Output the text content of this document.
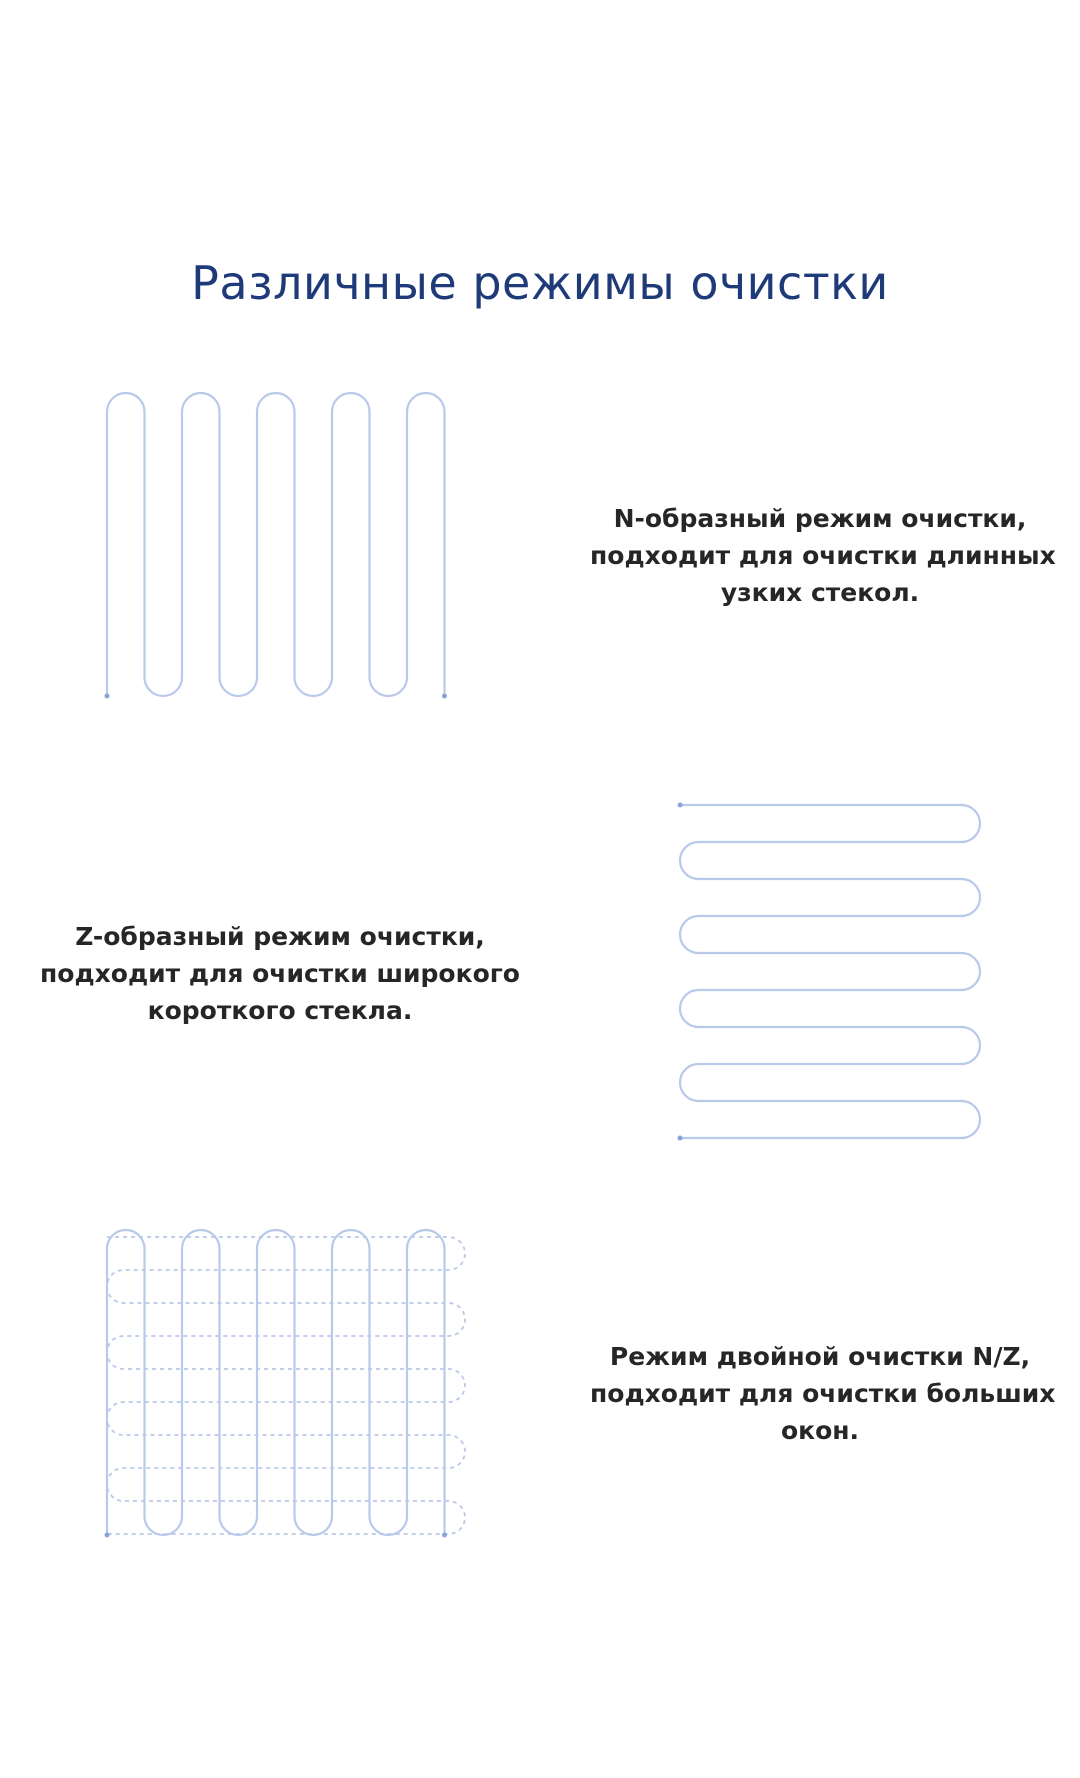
Различные режимы очистки

N-образный режим очистки,
подходит для очистки длинных
узких стекол.

Z-образный режим очистки,
подходит для очистки широкого
короткого стекла.

Режим двойной очистки N/Z,
подходит для очистки больших
окон.
